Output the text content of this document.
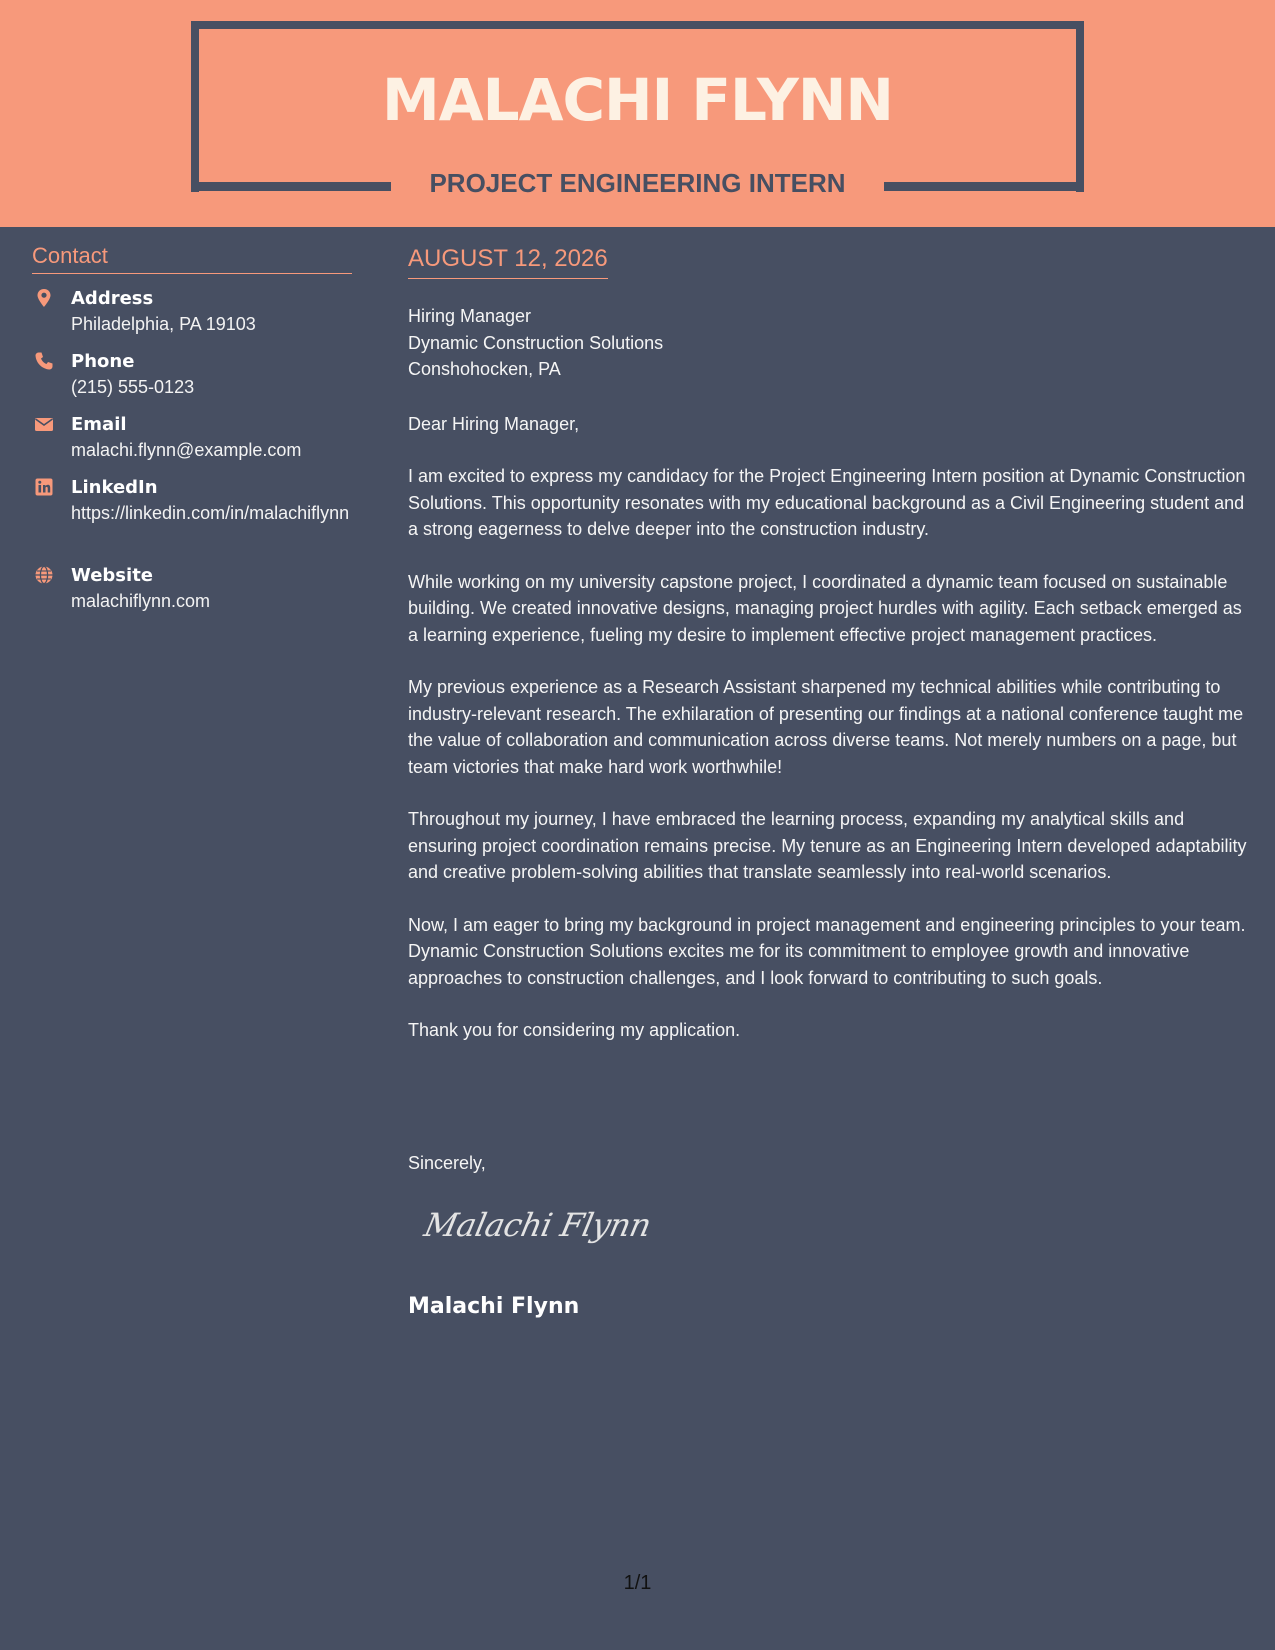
MALACHI FLYNN
PROJECT ENGINEERING INTERN
Contact
Address
Philadelphia, PA 19103
Phone
(215) 555-0123
Email
malachi.flynn@example.com
LinkedIn
https://linkedin.com/in/malachiflynn
Website
malachiflynn.com
AUGUST 12, 2026

Hiring Manager

Dynamic Construction Solutions

Conshohocken, PA

Dear Hiring Manager,

I am excited to express my candidacy for the Project Engineering Intern position at Dynamic Construction Solutions. This opportunity resonates with my educational background as a Civil Engineering student and a strong eagerness to delve deeper into the construction industry.

While working on my university capstone project, I coordinated a dynamic team focused on sustainable building. We created innovative designs, managing project hurdles with agility. Each setback emerged as a learning experience, fueling my desire to implement effective project management practices.

My previous experience as a Research Assistant sharpened my technical abilities while contributing to industry-relevant research. The exhilaration of presenting our findings at a national conference taught me the value of collaboration and communication across diverse teams. Not merely numbers on a page, but team victories that make hard work worthwhile!

Throughout my journey, I have embraced the learning process, expanding my analytical skills and ensuring project coordination remains precise. My tenure as an Engineering Intern developed adaptability and creative problem-solving abilities that translate seamlessly into real-world scenarios.

Now, I am eager to bring my background in project management and engineering principles to your team. Dynamic Construction Solutions excites me for its commitment to employee growth and innovative approaches to construction challenges, and I look forward to contributing to such goals.

Thank you for considering my application.

Sincerely,
Malachi Flynn
Malachi Flynn
1/1
